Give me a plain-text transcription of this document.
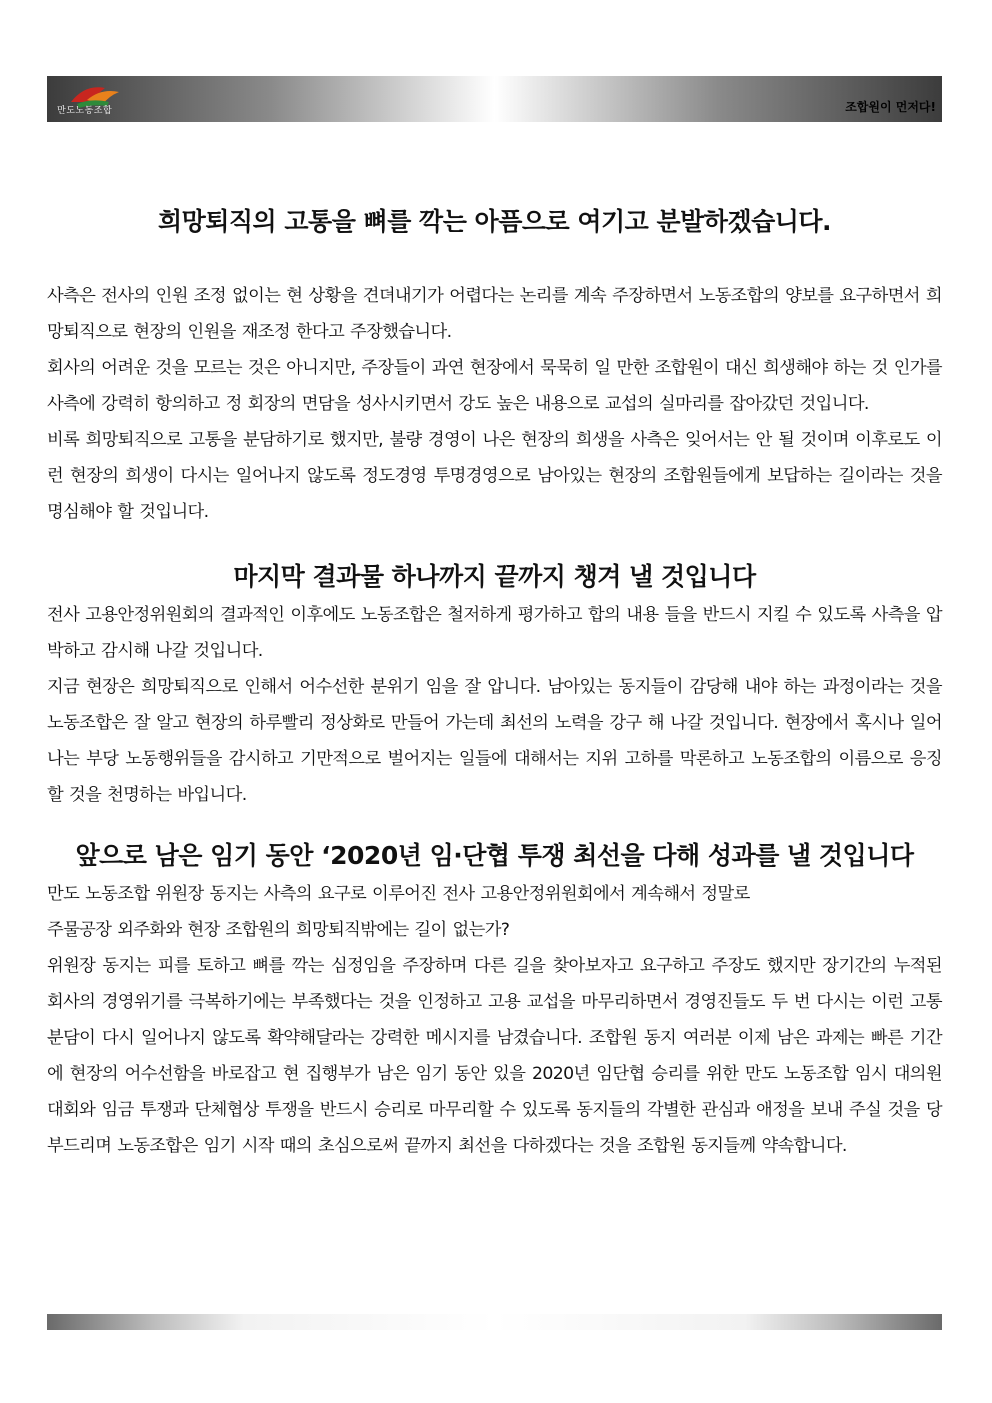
만도노동조합	조합원이 먼저다!
희망퇴직의 고통을 뼈를 깍는 아픔으로 여기고 분발하겠습니다.

사측은 전사의 인원 조정 없이는 현 상황을 견뎌내기가 어렵다는 논리를 계속 주장하면서 노동조합의 양보를 요구하면서 희망퇴직으로 현장의 인원을 재조정 한다고 주장했습니다.

회사의 어려운 것을 모르는 것은 아니지만, 주장들이 과연 현장에서 묵묵히 일 만한 조합원이 대신 희생해야 하는 것 인가를 사측에 강력히 항의하고 정 회장의 면담을 성사시키면서 강도 높은 내용으로 교섭의 실마리를 잡아갔던 것입니다.

비록 희망퇴직으로 고통을 분담하기로 했지만, 불량 경영이 나은 현장의 희생을 사측은 잊어서는 안 될 것이며 이후로도 이런 현장의 희생이 다시는 일어나지 않도록 정도경영 투명경영으로 남아있는 현장의 조합원들에게 보답하는 길이라는 것을 명심해야 할 것입니다.

마지막 결과물 하나까지 끝까지 챙겨 낼 것입니다

전사 고용안정위원회의 결과적인 이후에도 노동조합은 철저하게 평가하고 합의 내용 들을 반드시 지킬 수 있도록 사측을 압박하고 감시해 나갈 것입니다.

지금 현장은 희망퇴직으로 인해서 어수선한 분위기 임을 잘 압니다. 남아있는 동지들이 감당해 내야 하는 과정이라는 것을 노동조합은 잘 알고 현장의 하루빨리 정상화로 만들어 가는데 최선의 노력을 강구 해 나갈 것입니다. 현장에서 혹시나 일어나는 부당 노동행위들을 감시하고 기만적으로 벌어지는 일들에 대해서는 지위 고하를 막론하고 노동조합의 이름으로 응징할 것을 천명하는 바입니다.

앞으로 남은 임기 동안 ‘2020년 임·단협 투쟁 최선을 다해 성과를 낼 것입니다

만도 노동조합 위원장 동지는 사측의 요구로 이루어진 전사 고용안정위원회에서 계속해서 정말로

주물공장 외주화와 현장 조합원의 희망퇴직밖에는 길이 없는가?

위원장 동지는 피를 토하고 뼈를 깍는 심정임을 주장하며 다른 길을 찾아보자고 요구하고 주장도 했지만 장기간의 누적된 회사의 경영위기를 극복하기에는 부족했다는 것을 인정하고 고용 교섭을 마무리하면서 경영진들도 두 번 다시는 이런 고통 분담이 다시 일어나지 않도록 확약해달라는 강력한 메시지를 남겼습니다. 조합원 동지 여러분 이제 남은 과제는 빠른 기간에 현장의 어수선함을 바로잡고 현 집행부가 남은 임기 동안 있을 2020년 임단협 승리를 위한 만도 노동조합 임시 대의원 대회와 임금 투쟁과 단체협상 투쟁을 반드시 승리로 마무리할 수 있도록 동지들의 각별한 관심과 애정을 보내 주실 것을 당부드리며 노동조합은 임기 시작 때의 초심으로써 끝까지 최선을 다하겠다는 것을 조합원 동지들께 약속합니다.
